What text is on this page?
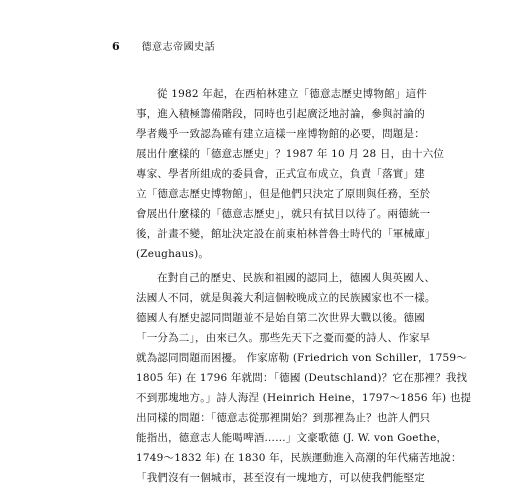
6 德意志帝國史話
從 1982 年起，在西柏林建立「德意志歷史博物館」這件
事，進入積極籌備階段，同時也引起廣泛地討論，參與討論的
學者幾乎一致認為確有建立這樣一座博物館的必要，問題是：
展出什麼樣的「德意志歷史」？1987 年 10 月 28 日，由十六位
專家、學者所組成的委員會，正式宣布成立，負責「落實」建
立「德意志歷史博物館」，但是他們只決定了原則與任務，至於
會展出什麼樣的「德意志歷史」，就只有拭目以待了。兩德統一
後，計畫不變，館址決定設在前東柏林普魯士時代的「軍械庫」
(Zeughaus)。
在對自己的歷史、民族和祖國的認同上，德國人與英國人、
法國人不同，就是與義大利這個較晚成立的民族國家也不一樣。
德國人有歷史認同問題並不是始自第二次世界大戰以後。德國
「一分為二」，由來已久。那些先天下之憂而憂的詩人、作家早
就為認同問題而困擾。 作家席勒 (Friedrich von Schiller，1759～
1805 年) 在 1796 年就問：「德國 (Deutschland)？它在那裡？我找
不到那塊地方。」詩人海涅 (Heinrich Heine，1797～1856 年) 也提
出同樣的問題：「德意志從那裡開始？到那裡為止？也許人們只
能指出，德意志人能喝啤酒……」文豪歌德 (J. W. von Goethe，
1749～1832 年) 在 1830 年，民族運動進入高潮的年代痛苦地說：
「我們沒有一個城市，甚至沒有一塊地方，可以使我們能堅定
